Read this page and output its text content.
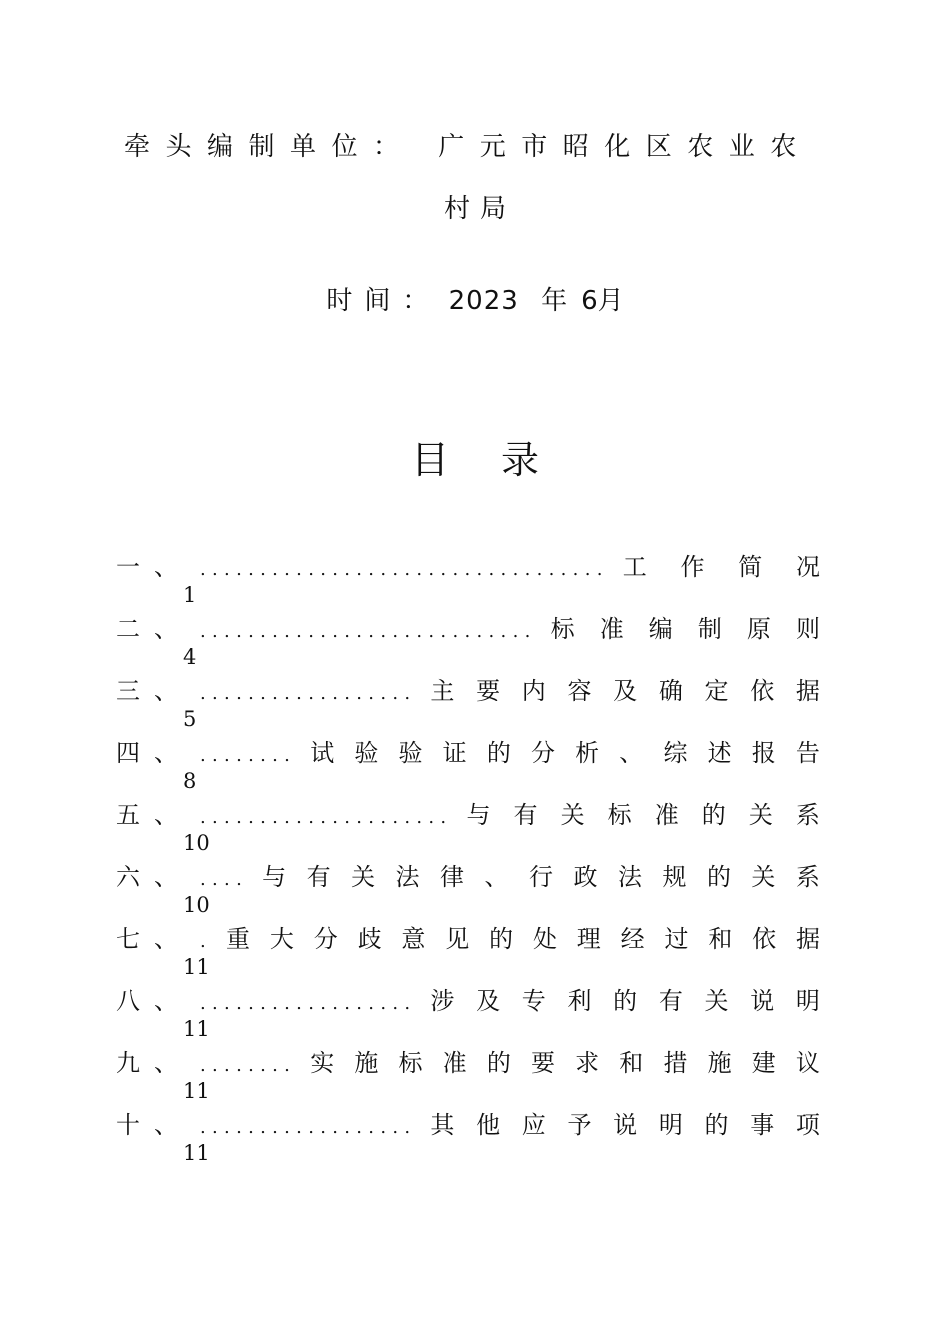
牵头编制单位： 广元市昭化区农业农
村局
时间： 2023 年 6月
目录
一 、 .................................. 工 作 简 况
1
二 、 ............................ 标 准 编 制 原 则
4
三 、 .................. 主 要 内 容 及 确 定 依 据
5
四 、 ........ 试 验 验 证 的 分 析 、 综 述 报 告
8
五 、 ..................... 与 有 关 标 准 的 关 系
10
六 、 .... 与 有 关 法 律 、 行 政 法 规 的 关 系
10
七 、 . 重 大 分 歧 意 见 的 处 理 经 过 和 依 据
11
八 、 .................. 涉 及 专 利 的 有 关 说 明
11
九 、 ........ 实 施 标 准 的 要 求 和 措 施 建 议
11
十 、 .................. 其 他 应 予 说 明 的 事 项
11
